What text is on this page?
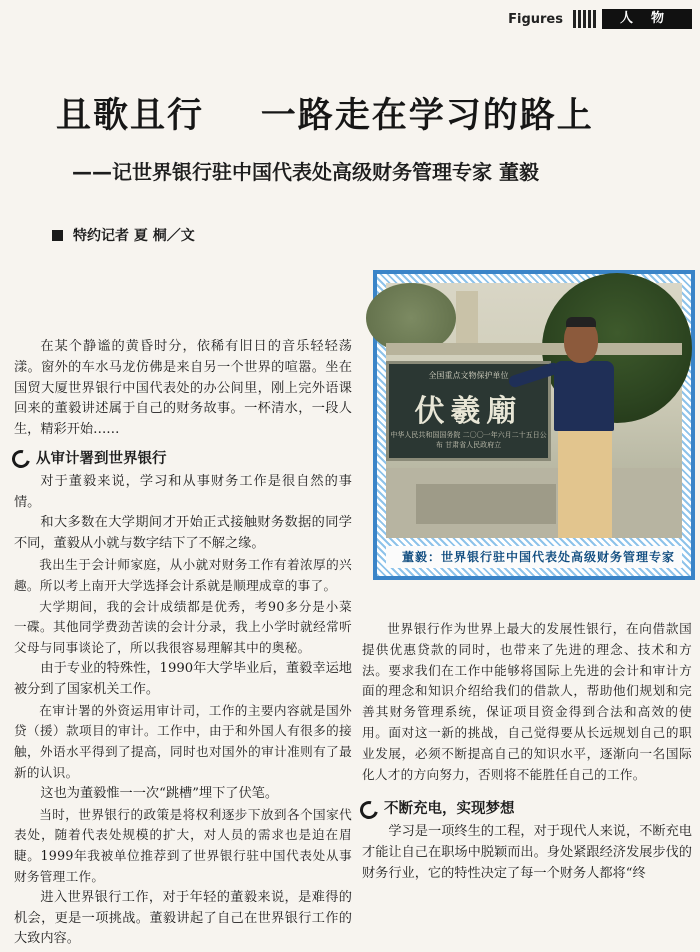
Figures	人物
且歌且行    一路走在学习的路上
——记世界银行驻中国代表处高级财务管理专家 董毅
特约记者 夏 桐／文
全国重点文物保护单位
伏羲廟
中华人民共和国国务院 二〇〇一年六月二十五日公布 甘肃省人民政府立
董毅：世界银行驻中国代表处高级财务管理专家

在某个静谧的黄昏时分，依稀有旧日的音乐轻轻荡漾。窗外的车水马龙仿佛是来自另一个世界的喧嚣。坐在国贸大厦世界银行中国代表处的办公间里，刚上完外语课回来的董毅讲述属于自己的财务故事。一杯清水，一段人生，精彩开始……

从审计署到世界银行

对于董毅来说，学习和从事财务工作是很自然的事情。

和大多数在大学期间才开始正式接触财务数据的同学不同，董毅从小就与数字结下了不解之缘。

我出生于会计师家庭，从小就对财务工作有着浓厚的兴趣。所以考上南开大学选择会计系就是顺理成章的事了。

大学期间，我的会计成绩都是优秀，考90多分是小菜一碟。其他同学费劲苦读的会计分录，我上小学时就经常听父母与同事谈论了，所以我很容易理解其中的奥秘。

由于专业的特殊性，1990年大学毕业后，董毅幸运地被分到了国家机关工作。

在审计署的外资运用审计司，工作的主要内容就是国外贷（援）款项目的审计。工作中，由于和外国人有很多的接触，外语水平得到了提高，同时也对国外的审计准则有了最新的认识。

这也为董毅惟一一次“跳槽”埋下了伏笔。

当时，世界银行的政策是将权利逐步下放到各个国家代表处，随着代表处规模的扩大，对人员的需求也是迫在眉睫。1999年我被单位推荐到了世界银行驻中国代表处从事财务管理工作。

进入世界银行工作，对于年轻的董毅来说，是难得的机会，更是一项挑战。董毅讲起了自己在世界银行工作的大致内容。

世界银行作为世界上最大的发展性银行，在向借款国提供优惠贷款的同时，也带来了先进的理念、技术和方法。要求我们在工作中能够将国际上先进的会计和审计方面的理念和知识介绍给我们的借款人，帮助他们规划和完善其财务管理系统，保证项目资金得到合法和高效的使用。面对这一新的挑战，自己觉得要从长远规划自己的职业发展，必须不断提高自己的知识水平，逐渐向一名国际化人才的方向努力，否则将不能胜任自己的工作。

不断充电，实现梦想

学习是一项终生的工程，对于现代人来说，不断充电才能让自己在职场中脱颖而出。身处紧跟经济发展步伐的财务行业，它的特性决定了每一个财务人都将“终
